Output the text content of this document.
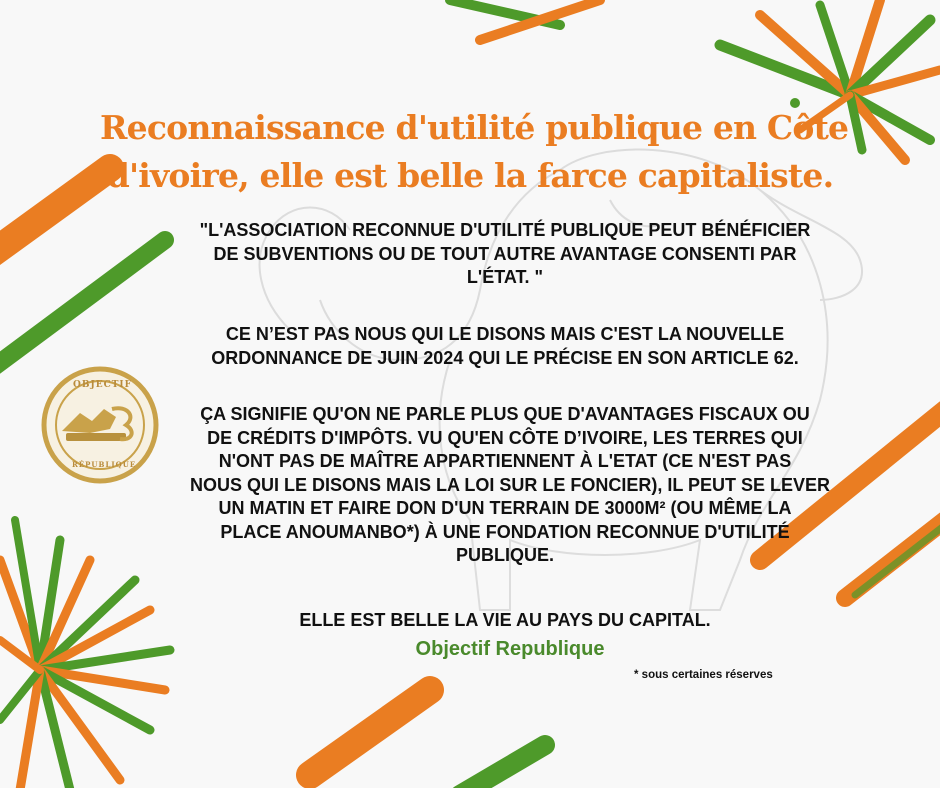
OBJECTIF
RÉPUBLIQUE
Reconnaissance d'utilité publique en Côte
d'ivoire, elle est belle la farce capitaliste.
"L'ASSOCIATION RECONNUE D'UTILITÉ PUBLIQUE PEUT BÉNÉFICIER
DE SUBVENTIONS OU DE TOUT AUTRE AVANTAGE CONSENTI PAR
L'ÉTAT. "
CE N’EST PAS NOUS QUI LE DISONS MAIS C'EST LA NOUVELLE
ORDONNANCE DE JUIN 2024 QUI LE PRÉCISE EN SON ARTICLE 62.
ÇA SIGNIFIE QU'ON NE PARLE PLUS QUE D'AVANTAGES FISCAUX OU
DE CRÉDITS D'IMPÔTS. VU QU'EN CÔTE D’IVOIRE, LES TERRES QUI
N'ONT PAS DE MAÎTRE APPARTIENNENT À L'ETAT (CE N'EST PAS
NOUS QUI LE DISONS MAIS LA LOI SUR LE FONCIER), IL PEUT SE LEVER
UN MATIN ET FAIRE DON D'UN TERRAIN DE 3000M² (OU MÊME LA
PLACE ANOUMANBO*) À UNE FONDATION RECONNUE D'UTILITÉ
PUBLIQUE.
ELLE EST BELLE LA VIE AU PAYS DU CAPITAL.
Objectif Republique
* sous certaines réserves
